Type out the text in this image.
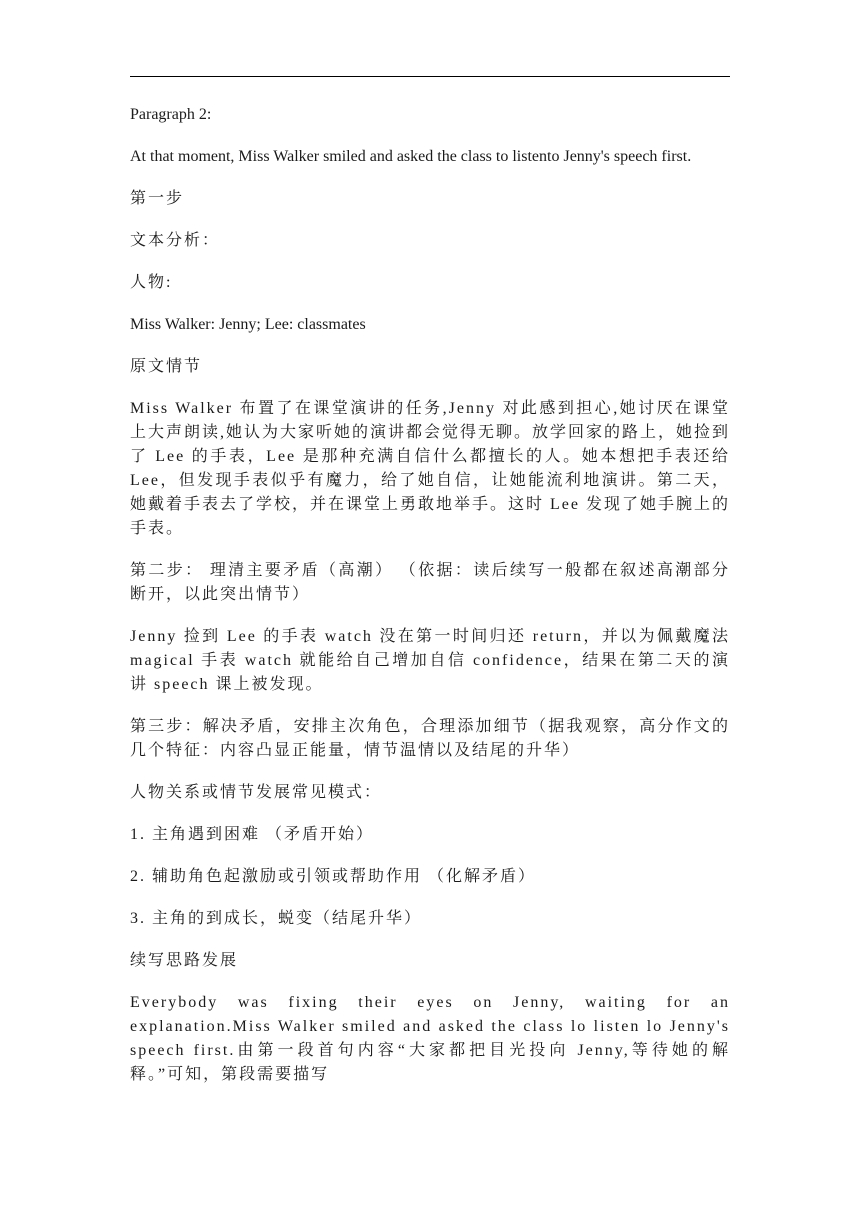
Paragraph 2:

At that moment, Miss Walker smiled and asked the class to listento Jenny's speech first.

第一步

文本分析：

人物:

Miss Walker: Jenny; Lee: classmates

原文情节

Miss Walker 布置了在课堂演讲的任务,Jenny 对此感到担心,她讨厌在课堂上大声朗读,她认为大家听她的演讲都会觉得无聊。放学回家的路上，她捡到了 Lee 的手表，Lee 是那种充满自信什么都擅长的人。她本想把手表还给 Lee，但发现手表似乎有魔力，给了她自信，让她能流利地演讲。第二天，她戴着手表去了学校，并在课堂上勇敢地举手。这时 Lee 发现了她手腕上的手表。

第二步： 理清主要矛盾（高潮） （依据：读后续写一般都在叙述高潮部分断开，以此突出情节）

Jenny 捡到 Lee 的手表 watch 没在第一时间归还 return，并以为佩戴魔法 magical 手表 watch 就能给自己增加自信 confidence，结果在第二天的演讲 speech 课上被发现。

第三步：解决矛盾，安排主次角色，合理添加细节（据我观察，高分作文的几个特征：内容凸显正能量，情节温情以及结尾的升华）

人物关系或情节发展常见模式：

1. 主角遇到困难 （矛盾开始）

2. 辅助角色起激励或引领或帮助作用 （化解矛盾）

3. 主角的到成长，蜕变（结尾升华）

续写思路发展

Everybody was fixing their eyes on Jenny, waiting for an explanation.Miss Walker smiled and asked the class lo listen lo Jenny's speech first.由第一段首句内容“大家都把目光投向 Jenny,等待她的解释。”可知，第段需要描写
